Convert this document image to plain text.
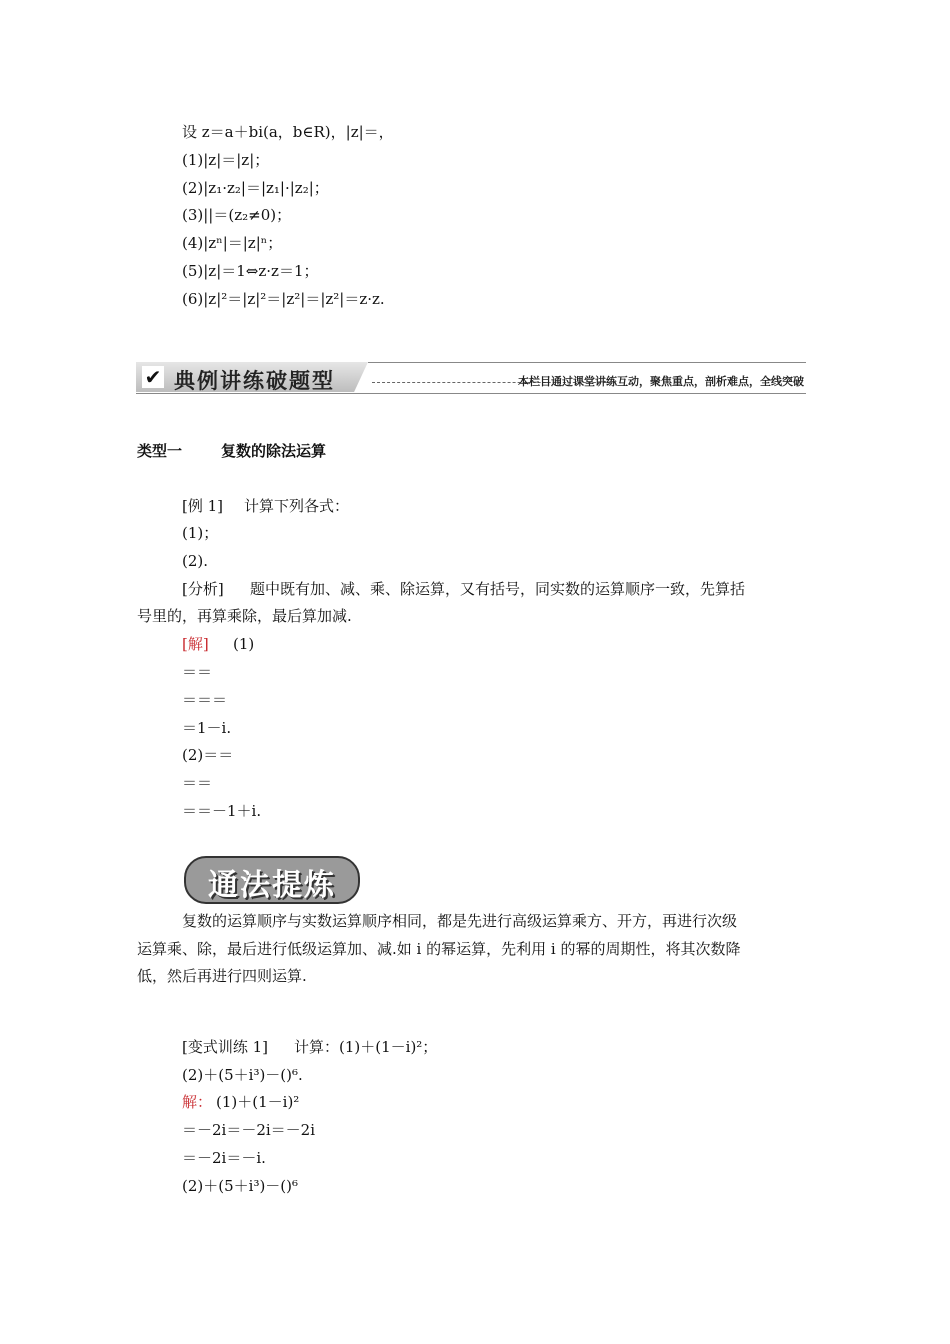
设 z＝a＋bi(a，b∈R)，|z|＝，
(1)|z|＝|z|；
(2)|z₁·z₂|＝|z₁|·|z₂|；
(3)||＝(z₂≠0)；
(4)|zⁿ|＝|z|ⁿ；
(5)|z|＝1⇔z·z＝1；
(6)|z|²＝|z|²＝|z²|＝|z²|＝z·z.
✔ 典例讲练破题型	本栏目通过课堂讲练互动，聚焦重点，剖析难点，全线突破
类型一	复数的除法运算
[例 1] 计算下列各式：
(1)；
(2).
[分析] 题中既有加、减、乘、除运算，又有括号，同实数的运算顺序一致，先算括
号里的，再算乘除，最后算加减.
[解] (1)
＝＝
＝＝＝
＝1－i.
(2)＝＝
＝＝
＝＝－1＋i.
通法提炼
复数的运算顺序与实数运算顺序相同，都是先进行高级运算乘方、开方，再进行次级
运算乘、除，最后进行低级运算加、减.如 i 的幂运算，先利用 i 的幂的周期性，将其次数降
低，然后再进行四则运算.
[变式训练 1] 计算：(1)＋(1－i)²；
(2)＋(5＋i³)－()⁶.
解： (1)＋(1－i)²
＝－2i＝－2i＝－2i
＝－2i＝－i.
(2)＋(5＋i³)－()⁶
